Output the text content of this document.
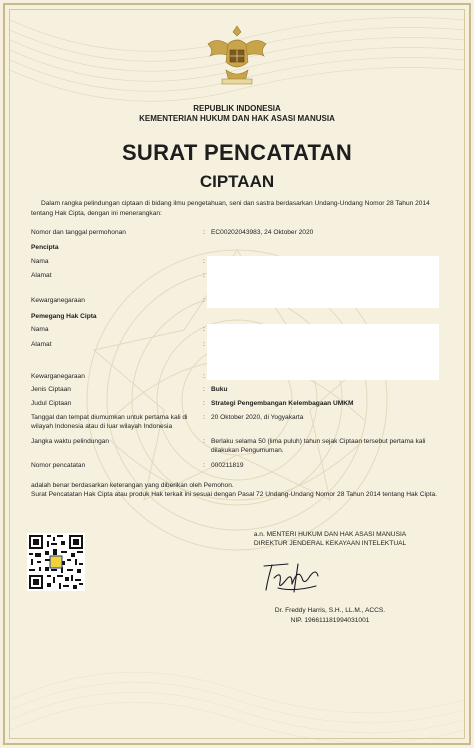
REPUBLIK INDONESIA
KEMENTERIAN HUKUM DAN HAK ASASI MANUSIA
SURAT PENCATATAN
CIPTAAN
Dalam rangka pelindungan ciptaan di bidang ilmu pengetahuan, seni dan sastra berdasarkan Undang-Undang Nomor 28 Tahun 2014 tentang Hak Cipta, dengan ini menerangkan:
Nomor dan tanggal permohonan	: EC00202043983, 24 Oktober 2020
Pencipta
Nama	:
Alamat	:
Kewarganegaraan	:
Pemegang Hak Cipta
Nama	:
Alamat	:
Kewarganegaraan	:
Jenis Ciptaan	: Buku
Judul Ciptaan	: Strategi Pengembangan Kelembagaan UMKM
Tanggal dan tempat diumumkan untuk pertama kali di
wilayah Indonesia atau di luar wilayah Indonesia
: 20 Oktober 2020, di Yogyakarta
Jangka waktu pelindungan	: Berlaku selama 50 (lima puluh) tahun sejak Ciptaan tersebut pertama kali
dilakukan Pengumuman.
Nomor pencatatan	: 000211819
adalah benar berdasarkan keterangan yang diberikan oleh Pemohon.
Surat Pencatatan Hak Cipta atau produk Hak terkait ini sesuai dengan Pasal 72 Undang-Undang Nomor 28 Tahun 2014 tentang Hak Cipta.
a.n. MENTERI HUKUM DAN HAK ASASI MANUSIA
DIREKTUR JENDERAL KEKAYAAN INTELEKTUAL
Dr. Freddy Harris, S.H., LL.M., ACCS.
NIP. 196611181994031001
